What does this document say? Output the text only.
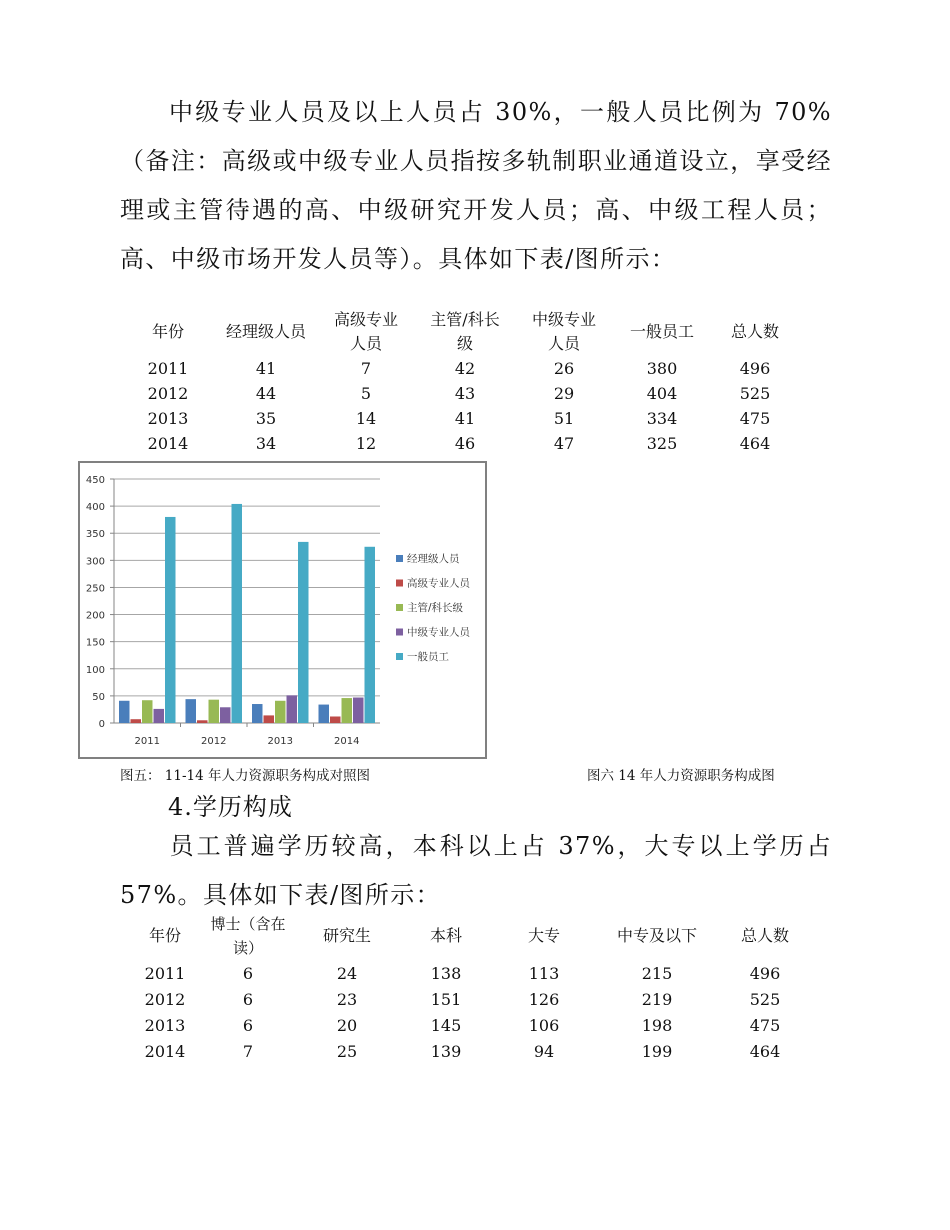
中级专业人员及以上人员占 30%，一般人员比例为 70%（备注：高级或中级专业人员指按多轨制职业通道设立，享受经理或主管待遇的高、中级研究开发人员；高、中级工程人员；高、中级市场开发人员等）。具体如下表/图所示：

年份	经理级人员	高级专业人员	主管/科长级	中级专业人员	一般员工	总人数
2011	41	7	42	26	380	496
2012	44	5	43	29	404	525
2013	35	14	41	51	334	475
2014	34	12	46	47	325	464
0
50
100
150
200
250
300
350
400
450
2011	2012	2013	2014
经理级人员
高级专业人员
主管/科长级
中级专业人员
一般员工
图五： 11-14 年人力资源职务构成对照图	图六 14 年人力资源职务构成图
4.学历构成

员工普遍学历较高，本科以上占 37%，大专以上学历占 57%。具体如下表/图所示：

年份	博士（含在读）	研究生	本科	大专	中专及以下	总人数
2011	6	24	138	113	215	496
2012	6	23	151	126	219	525
2013	6	20	145	106	198	475
2014	7	25	139	94	199	464
